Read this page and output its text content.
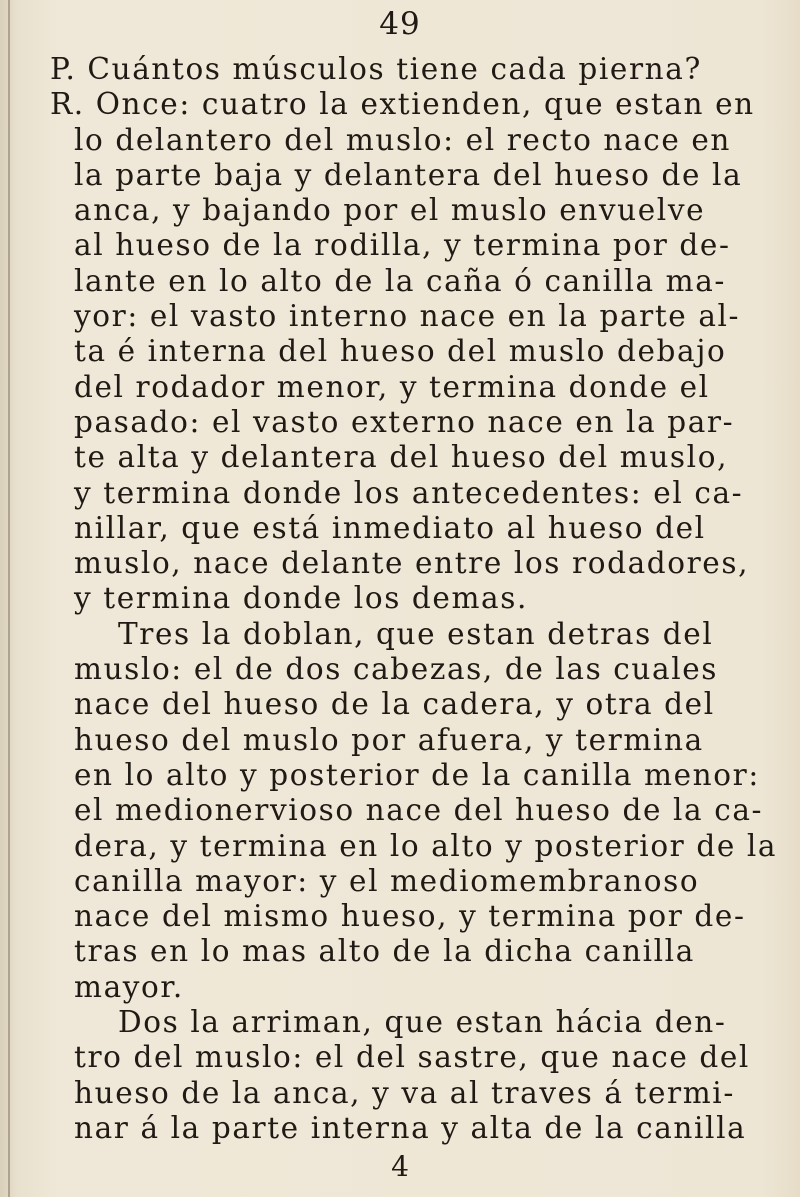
49
P. Cuántos músculos tiene cada pierna?
R. Once: cuatro la extienden, que estan en
lo delantero del muslo: el recto nace en
la parte baja y delantera del hueso de la
anca, y bajando por el muslo envuelve
al hueso de la rodilla, y termina por de-
lante en lo alto de la caña ó canilla ma-
yor: el vasto interno nace en la parte al-
ta é interna del hueso del muslo debajo
del rodador menor, y termina donde el
pasado: el vasto externo nace en la par-
te alta y delantera del hueso del muslo,
y termina donde los antecedentes: el ca-
nillar, que está inmediato al hueso del
muslo, nace delante entre los rodadores,
y termina donde los demas.
Tres la doblan, que estan detras del
muslo: el de dos cabezas, de las cuales
nace del hueso de la cadera, y otra del
hueso del muslo por afuera, y termina
en lo alto y posterior de la canilla menor:
el medionervioso nace del hueso de la ca-
dera, y termina en lo alto y posterior de la
canilla mayor: y el mediomembranoso
nace del mismo hueso, y termina por de-
tras en lo mas alto de la dicha canilla
mayor.
Dos la arriman, que estan hácia den-
tro del muslo: el del sastre, que nace del
hueso de la anca, y va al traves á termi-
nar á la parte interna y alta de la canilla
4
